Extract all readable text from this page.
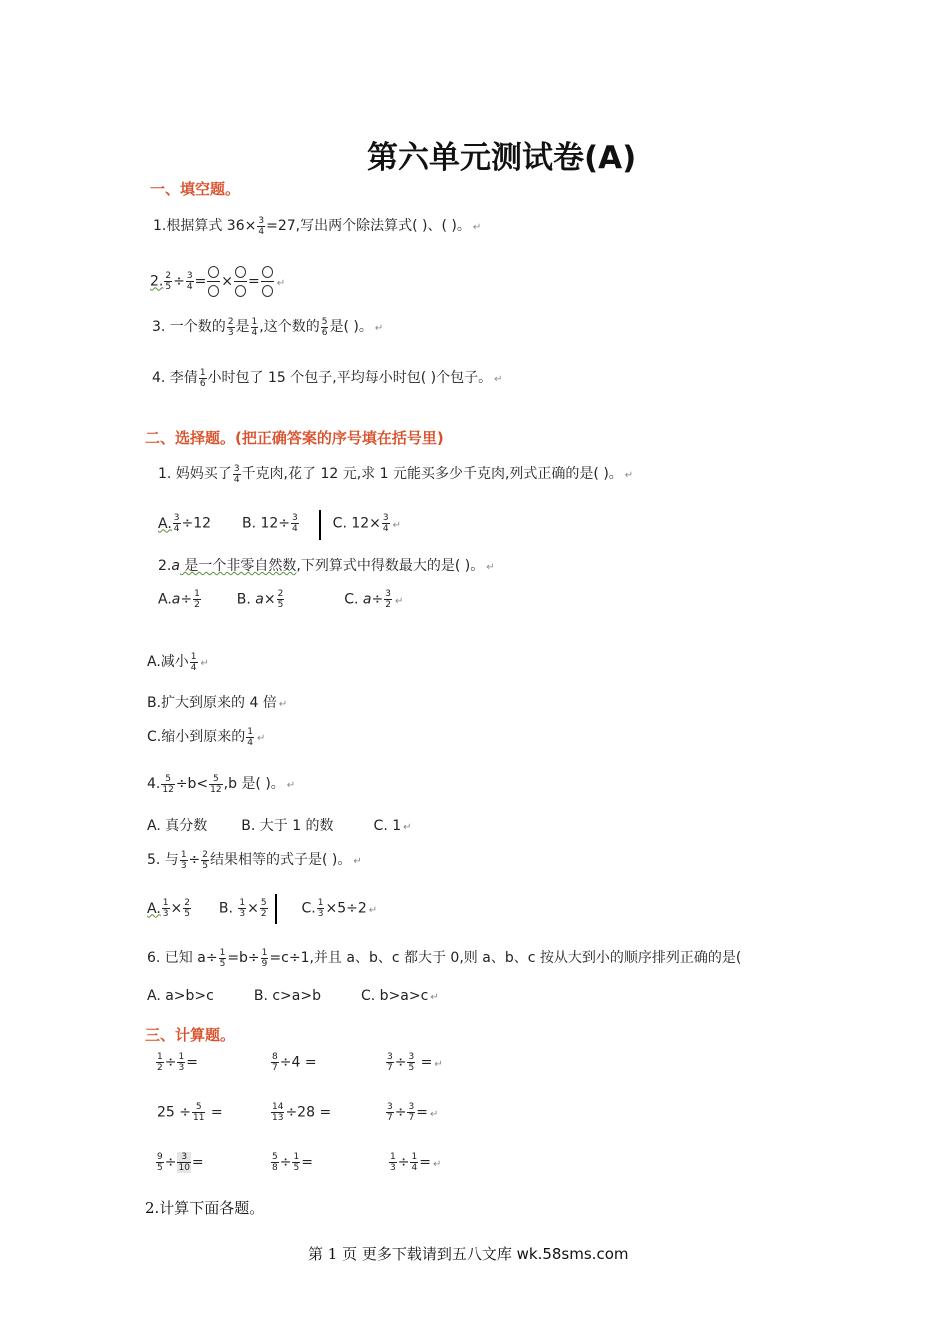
第六单元测试卷(A)
一、填空题。
1.根据算式 $36\times \frac{3}{4} =27$,写出两个除法算式( )、( )。 ↵
2. $\frac{2}{5} \div \frac{3}{4}$ = × = ↵
3. 一个数的 $\frac{2}{3}$ 是 $\frac{1}{4}$ ,这个数的 $\frac{5}{6}$ 是( )。 ↵
4. 李倩 $\frac{1}{6}$ 小时包了 15 个包子,平均每小时包( )个包子。 ↵
二、选择题。(把正确答案的序号填在括号里)
1. 妈妈买了 $\frac{3}{4}$ 千克肉,花了 12 元,求 1 元能买多少千克肉,列式正确的是( )。 ↵
A. $\frac{3}{4} \div 12$ B. $12\div \frac{3}{4} C$. $12\times \frac{3}{4}$ ↵
2.a 是一个非零自然数,下列算式中得数最大的是( )。 ↵
$A.a\div \frac{1}{2}$	B. $a\times \frac{2}{5}$	C. $a\div \frac{3}{2}$ ↵
A.减小 $\frac{1}{4}$ ↵
B.扩大到原来的 4 倍 ↵
C.缩小到原来的 $\frac{1}{4}$ ↵
4. $\frac{5}{12} \div b< \frac{5}{12} ,b$ 是( )。 ↵
A. 真分数 B. 大于 1 的数	C. 1 ↵
5. 与 $\frac{1}{3} \div \frac{2}{5}$ 结果相等的式子是( )。 ↵
A. $\frac{1}{3} \times \frac{2}{5} B$. $\frac{1}{3} \times \frac{5}{2} C$. $\frac{1}{3} \times 5\div 2$ ↵
6. 已知 $a\div \frac{1}{5} =b\div \frac{1}{9} =c\div 1$,并且 a、b、c 都大于 0,则 a、b、c 按从大到小的顺序排列正确的是(
A. a>b>c	B. c>a>b	C. b>a>c ↵
三、计算题。
$\frac{1}{2} \div \frac{1}{3}$ =	$\frac{8}{7} \div 4$ =	$\frac{3}{7} \div \frac{3}{5}$ = ↵
$25 \div \frac{5}{11}$ =	$\frac{14}{13} \div 28$ =	$\frac{3}{7} \div \frac{3}{7}$ = ↵
$\frac{9}{5} \div \frac{3}{10}$ =	$\frac{5}{8} \div \frac{1}{5}$ =	$\frac{1}{3} \div \frac{1}{4}$ = ↵
2.计算下面各题。
第 1 页 更多下载请到五八文库 wk.58sms.com
